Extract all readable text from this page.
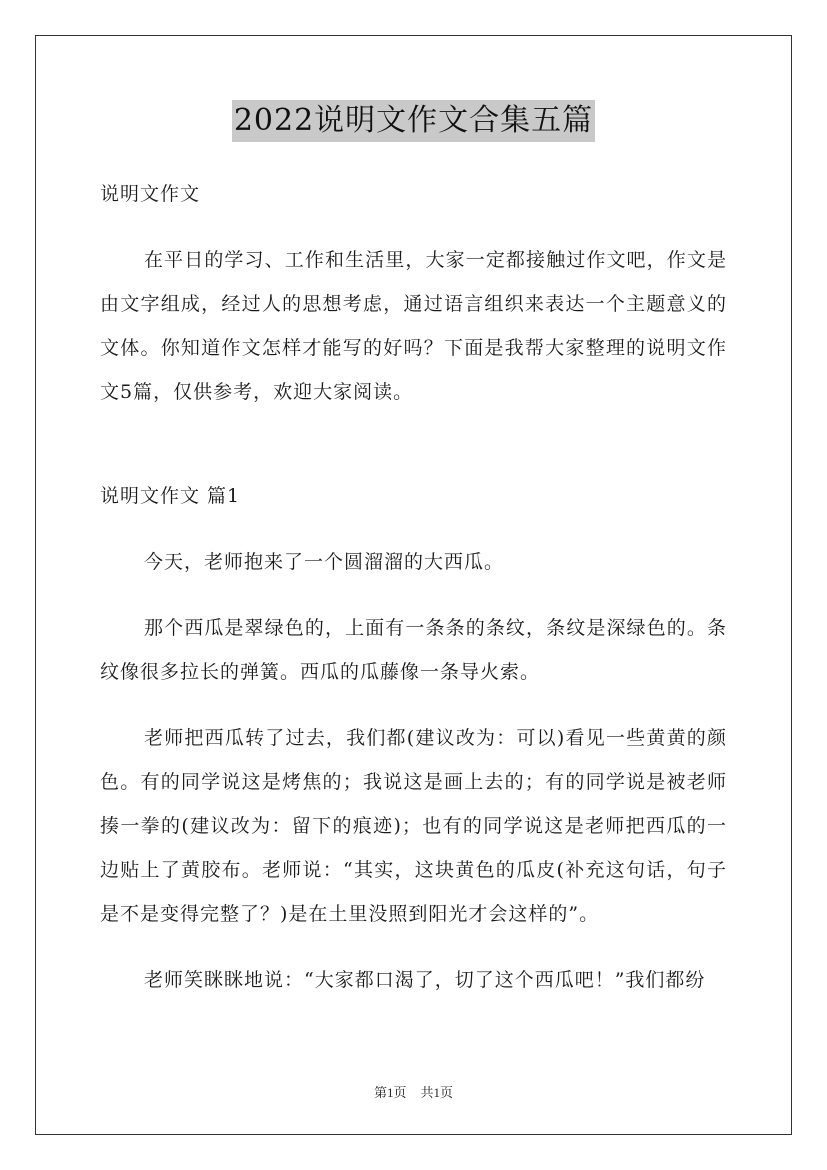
2022说明文作文合集五篇

说明文作文

在平日的学习、工作和生活里，大家一定都接触过作文吧，作文是由文字组成，经过人的思想考虑，通过语言组织来表达一个主题意义的文体。你知道作文怎样才能写的好吗？下面是我帮大家整理的说明文作文5篇，仅供参考，欢迎大家阅读。

说明文作文 篇1

今天，老师抱来了一个圆溜溜的大西瓜。

那个西瓜是翠绿色的，上面有一条条的条纹，条纹是深绿色的。条纹像很多拉长的弹簧。西瓜的瓜藤像一条导火索。

老师把西瓜转了过去，我们都(建议改为：可以)看见一些黄黄的颜色。有的同学说这是烤焦的；我说这是画上去的；有的同学说是被老师揍一拳的(建议改为：留下的痕迹)；也有的同学说这是老师把西瓜的一边贴上了黄胶布。老师说：“其实，这块黄色的瓜皮(补充这句话，句子是不是变得完整了？)是在土里没照到阳光才会这样的”。

老师笑眯眯地说：“大家都口渴了，切了这个西瓜吧！”我们都纷

第1页 共1页
